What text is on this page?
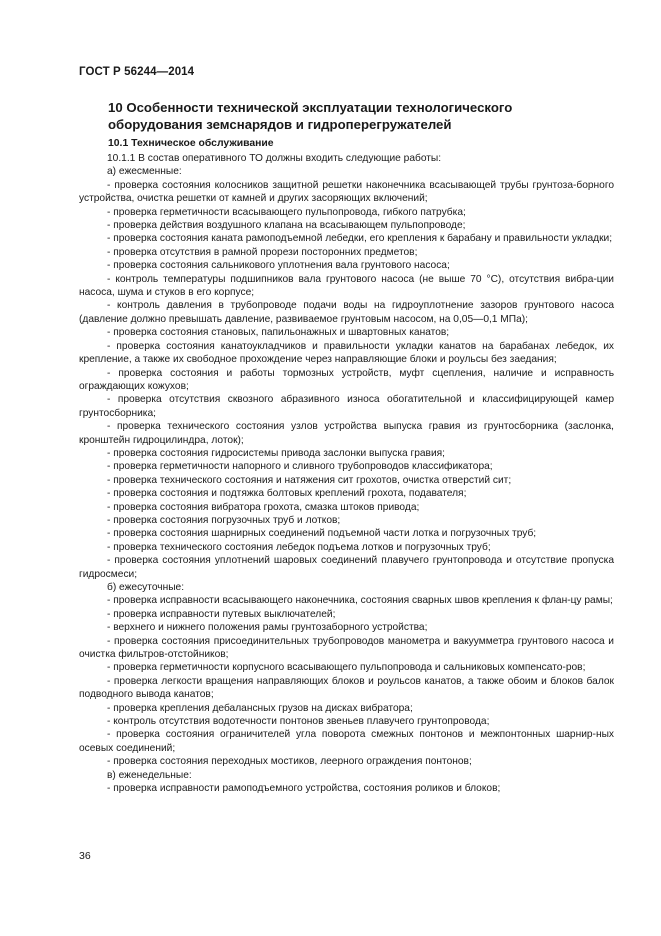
ГОСТ Р 56244—2014
10 Особенности технической эксплуатации технологического оборудования земснарядов и гидроперегружателей
10.1 Техническое обслуживание

10.1.1 В состав оперативного ТО должны входить следующие работы:

а) ежесменные:

- проверка состояния колосников защитной решетки наконечника всасывающей трубы грунтоза-борного устройства, очистка решетки от камней и других засоряющих включений;

- проверка герметичности всасывающего пульпопровода, гибкого патрубка;

- проверка действия воздушного клапана на всасывающем пульпопроводе;

- проверка состояния каната рамоподъемной лебедки, его крепления к барабану и правильности укладки;

- проверка отсутствия в рамной прорези посторонних предметов;

- проверка состояния сальникового уплотнения вала грунтового насоса;

- контроль температуры подшипников вала грунтового насоса (не выше 70 °С), отсутствия вибра-ции насоса, шума и стуков в его корпусе;

- контроль давления в трубопроводе подачи воды на гидроуплотнение зазоров грунтового насоса (давление должно превышать давление, развиваемое грунтовым насосом, на 0,05—0,1 МПа);

- проверка состояния становых, папильонажных и швартовных канатов;

- проверка состояния канатоукладчиков и правильности укладки канатов на барабанах лебедок, их крепление, а также их свободное прохождение через направляющие блоки и роульсы без заедания;

- проверка состояния и работы тормозных устройств, муфт сцепления, наличие и исправность ограждающих кожухов;

- проверка отсутствия сквозного абразивного износа обогатительной и классифицирующей камер грунтосборника;

- проверка технического состояния узлов устройства выпуска гравия из грунтосборника (заслонка, кронштейн гидроцилиндра, лоток);

- проверка состояния гидросистемы привода заслонки выпуска гравия;

- проверка герметичности напорного и сливного трубопроводов классификатора;

- проверка технического состояния и натяжения сит грохотов, очистка отверстий сит;

- проверка состояния и подтяжка болтовых креплений грохота, подавателя;

- проверка состояния вибратора грохота, смазка штоков привода;

- проверка состояния погрузочных труб и лотков;

- проверка состояния шарнирных соединений подъемной части лотка и погрузочных труб;

- проверка технического состояния лебедок подъема лотков и погрузочных труб;

- проверка состояния уплотнений шаровых соединений плавучего грунтопровода и отсутствие пропуска гидросмеси;

б) ежесуточные:

- проверка исправности всасывающего наконечника, состояния сварных швов крепления к флан-цу рамы;

- проверка исправности путевых выключателей;

- верхнего и нижнего положения рамы грунтозаборного устройства;

- проверка состояния присоединительных трубопроводов манометра и вакуумметра грунтового насоса и очистка фильтров-отстойников;

- проверка герметичности корпусного всасывающего пульпопровода и сальниковых компенсато-ров;

- проверка легкости вращения направляющих блоков и роульсов канатов, а также обоим и блоков балок подводного вывода канатов;

- проверка крепления дебалансных грузов на дисках вибратора;

- контроль отсутствия водотечности понтонов звеньев плавучего грунтопровода;

- проверка состояния ограничителей угла поворота смежных понтонов и межпонтонных шарнир-ных осевых соединений;

- проверка состояния переходных мостиков, леерного ограждения понтонов;

в) еженедельные:

- проверка исправности рамоподъемного устройства, состояния роликов и блоков;

36
